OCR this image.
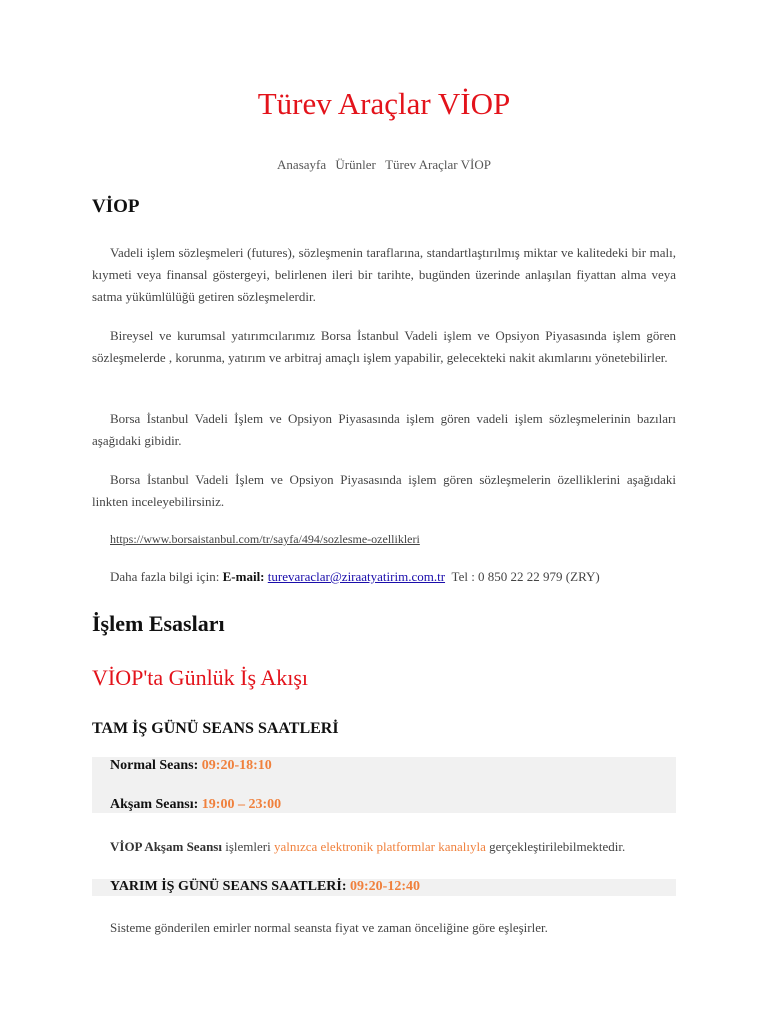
Türev Araçlar VİOP
Anasayfa Ürünler Türev Araçlar VİOP
VİOP

Vadeli işlem sözleşmeleri (futures), sözleşmenin taraflarına, standartlaştırılmış miktar ve kalitedeki bir malı, kıymeti veya finansal göstergeyi, belirlenen ileri bir tarihte, bugünden üzerinde anlaşılan fiyattan alma veya satma yükümlülüğü getiren sözleşmelerdir.

Bireysel ve kurumsal yatırımcılarımız Borsa İstanbul Vadeli işlem ve Opsiyon Piyasasında işlem gören sözleşmelerde , korunma, yatırım ve arbitraj amaçlı işlem yapabilir, gelecekteki nakit akımlarını yönetebilirler.

Borsa İstanbul Vadeli İşlem ve Opsiyon Piyasasında işlem gören vadeli işlem sözleşmelerinin bazıları aşağıdaki gibidir.

Borsa İstanbul Vadeli İşlem ve Opsiyon Piyasasında işlem gören sözleşmelerin özelliklerini aşağıdaki linkten inceleyebilirsiniz.

https://www.borsaistanbul.com/tr/sayfa/494/sozlesme-ozellikleri
Daha fazla bilgi için: E-mail: turevaraclar@ziraatyatirim.com.tr Tel : 0 850 22 22 979 (ZRY)
İşlem Esasları
VİOP'ta Günlük İş Akışı
TAM İŞ GÜNÜ SEANS SAATLERİ
Normal Seans: 09:20-18:10
Akşam Seansı: 19:00 – 23:00
VİOP Akşam Seansı işlemleri yalnızca elektronik platformlar kanalıyla gerçekleştirilebilmektedir.
YARIM İŞ GÜNÜ SEANS SAATLERİ: 09:20-12:40
Sisteme gönderilen emirler normal seansta fiyat ve zaman önceliğine göre eşleşirler.
